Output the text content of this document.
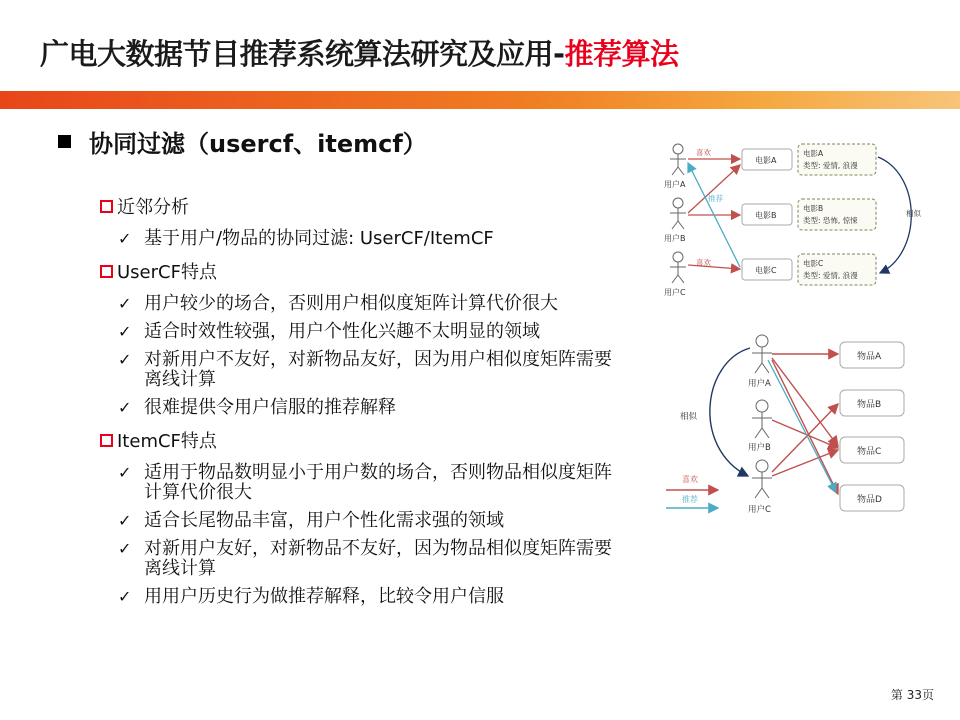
广电大数据节目推荐系统算法研究及应用-推荐算法
协同过滤（usercf、itemcf）
近邻分析
✓ 基于用户/物品的协同过滤: UserCF/ItemCF
UserCF特点
✓ 用户较少的场合，否则用户相似度矩阵计算代价很大
✓ 适合时效性较强，用户个性化兴趣不太明显的领域
✓ 对新用户不友好，对新物品友好，因为用户相似度矩阵需要离线计算
✓ 很难提供令用户信服的推荐解释
ItemCF特点
✓ 适用于物品数明显小于用户数的场合，否则物品相似度矩阵计算代价很大
✓ 适合长尾物品丰富，用户个性化需求强的领域
✓ 对新用户友好，对新物品不友好，因为物品相似度矩阵需要离线计算
✓ 用用户历史行为做推荐解释，比较令用户信服
用户A
用户B
用户C
电影A
电影B
电影C
电影A
类型: 爱情, 浪漫
电影B
类型: 恐怖, 惊悚
电影C
类型: 爱情, 浪漫
喜欢
推荐
喜欢
相似
用户A
用户B
用户C
物品A
物品B
物品C
物品D
相似
喜欢
推荐
第 33页
